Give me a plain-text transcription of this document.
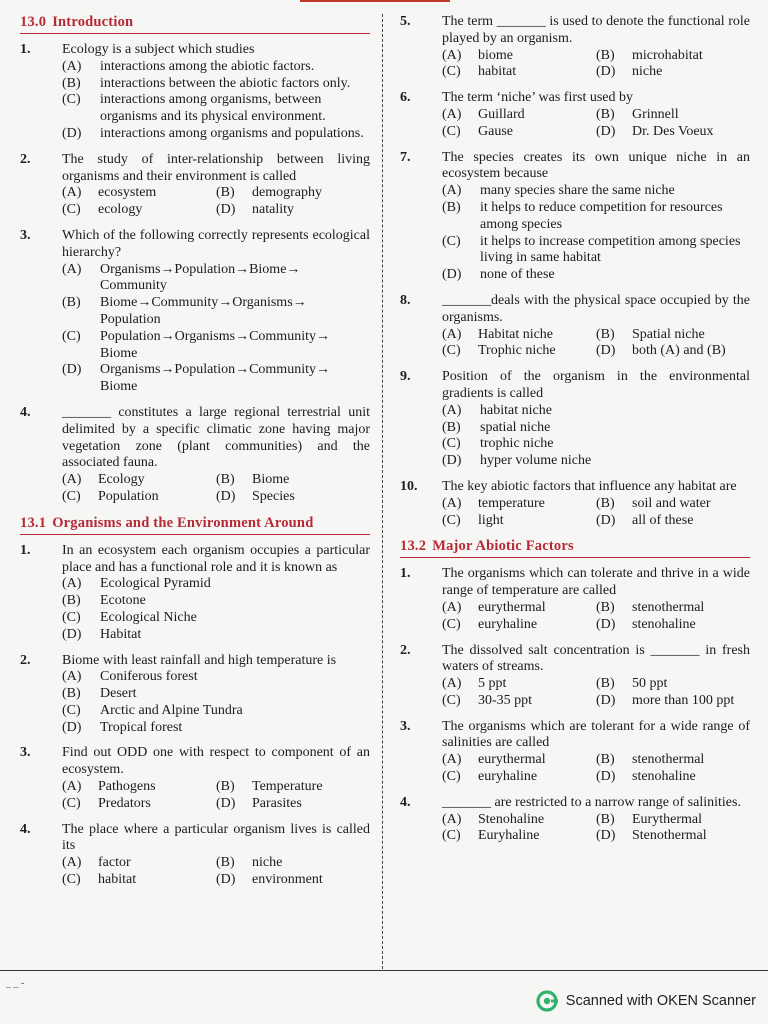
13.0 Introduction
1.	Ecology is a subject which studies
(A)	interactions among the abiotic factors.
(B)	interactions between the abiotic factors only.
(C)	interactions among organisms, between organisms and its physical environment.
(D)	interactions among organisms and populations.
2.	The study of inter-relationship between living organisms and their environment is called
(A)	ecosystem	(B)	demography
(C)	ecology	(D)	natality
3.	Which of the following correctly represents ecological hierarchy?
(A)	Organisms→Population→Biome→ Community
(B)	Biome→Community→Organisms→ Population
(C)	Population→Organisms→Community→ Biome
(D)	Organisms→Population→Community→ Biome
4.	_______ constitutes a large regional terrestrial unit delimited by a specific climatic zone having major vegetation zone (plant communities) and the associated fauna.
(A)	Ecology	(B)	Biome
(C)	Population	(D)	Species
13.1 Organisms and the Environment Around
1.	In an ecosystem each organism occupies a particular place and has a functional role and it is known as
(A)	Ecological Pyramid
(B)	Ecotone
(C)	Ecological Niche
(D)	Habitat
2.	Biome with least rainfall and high temperature is
(A)	Coniferous forest
(B)	Desert
(C)	Arctic and Alpine Tundra
(D)	Tropical forest
3.	Find out ODD one with respect to component of an ecosystem.
(A)	Pathogens	(B)	Temperature
(C)	Predators	(D)	Parasites
4.	The place where a particular organism lives is called its
(A)	factor	(B)	niche
(C)	habitat	(D)	environment
5.	The term _______ is used to denote the functional role played by an organism.
(A)	biome	(B)	microhabitat
(C)	habitat	(D)	niche
6.	The term ‘niche’ was first used by
(A)	Guillard	(B)	Grinnell
(C)	Gause	(D)	Dr. Des Voeux
7.	The species creates its own unique niche in an ecosystem because
(A)	many species share the same niche
(B)	it helps to reduce competition for resources among species
(C)	it helps to increase competition among species living in same habitat
(D)	none of these
8.	_______deals with the physical space occupied by the organisms.
(A)	Habitat niche	(B)	Spatial niche
(C)	Trophic niche	(D)	both (A) and (B)
9.	Position of the organism in the environmental gradients is called
(A)	habitat niche
(B)	spatial niche
(C)	trophic niche
(D)	hyper volume niche
10.	The key abiotic factors that influence any habitat are
(A)	temperature	(B)	soil and water
(C)	light	(D)	all of these
13.2 Major Abiotic Factors
1.	The organisms which can tolerate and thrive in a wide range of temperature are called
(A)	eurythermal	(B)	stenothermal
(C)	euryhaline	(D)	stenohaline
2.	The dissolved salt concentration is _______ in fresh waters of streams.
(A)	5 ppt	(B)	50 ppt
(C)	30-35 ppt	(D)	more than 100 ppt
3.	The organisms which are tolerant for a wide range of salinities are called
(A)	eurythermal	(B)	stenothermal
(C)	euryhaline	(D)	stenohaline
4.	_______ are restricted to a narrow range of salinities.
(A)	Stenohaline	(B)	Eurythermal
(C)	Euryhaline	(D)	Stenothermal
_ _ -
Scanned with OKEN Scanner
